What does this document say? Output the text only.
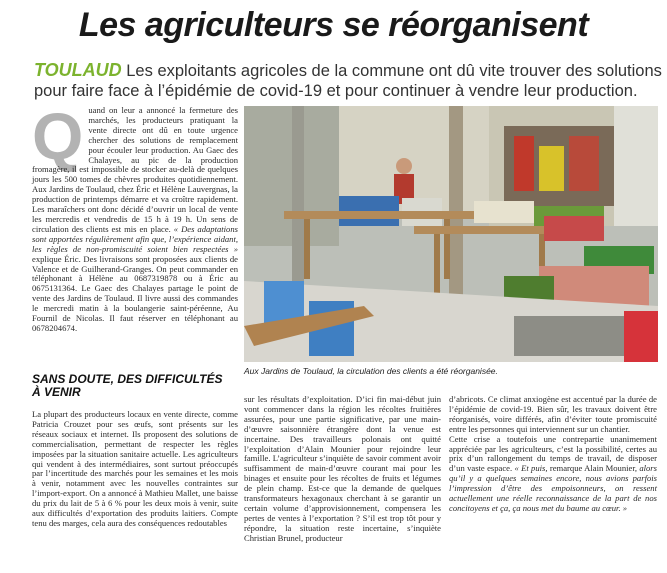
Les agriculteurs se réorganisent
TOULAUD Les exploitants agricoles de la commune ont dû vite trouver des solutions pour faire face à l’épidémie de covid-19 et pour continuer à vendre leur production.
Q uand on leur a annoncé la fermeture des marchés, les producteurs pratiquant la vente directe ont dû en toute urgence chercher des solutions de remplacement pour écouler leur production. Au Gaec des Chalayes, au pic de la production fromagère, il est impossible de stocker au-delà de quelques jours les 500 tomes de chèvres produites quotidiennement. Aux Jardins de Toulaud, chez Éric et Hélène Lauvergnas, la production de printemps démarre et va croître rapidement. Les maraîchers ont donc décidé d’ouvrir un local de vente les mercredis et vendredis de 15 h à 19 h. Un sens de circulation des clients est mis en place. « Des adaptations sont apportées régulièrement afin que, l’expérience aidant, les règles de non-promiscuité soient bien respectées » explique Éric. Des livraisons sont proposées aux clients de Valence et de Guilherand-Granges. On peut commander en téléphonant à Hélène au 0687319878 ou à Éric au 0675131364. Le Gaec des Chalayes partage le point de vente des Jardins de Toulaud. Il livre aussi des commandes le mercredi matin à la boulangerie saint-péréenne, Au Fournil de Nicolas. Il faut réserver en téléphonant au 0678204674.

SANS DOUTE, DES DIFFICULTÉS À VENIR

La plupart des producteurs locaux en vente directe, comme Patricia Crouzet pour ses œufs, sont présents sur les réseaux sociaux et internet. Ils proposent des solutions de commercialisation, permettant de respecter les règles imposées par la situation sanitaire actuelle. Les agriculteurs qui vendent à des intermédiaires, sont surtout préoccupés par l’incertitude des marchés pour les semaines et les mois à venir, notamment avec les nouvelles contraintes sur l’import-export. On a annoncé à Mathieu Mallet, une baisse du prix du lait de 5 à 6 % pour les deux mois à venir, suite aux difficultés d’exportation des produits laitiers. Compte tenu des marges, cela aura des conséquences redoutables

Aux Jardins de Toulaud, la circulation des clients a été réorganisée.

sur les résultats d’exploitation. D’ici fin mai-début juin vont commencer dans la région les récoltes fruitières assurées, pour une partie significative, par une main-d’œuvre saisonnière étrangère dont la venue est incertaine. Des travailleurs polonais ont quitté l’exploitation d’Alain Mounier pour rejoindre leur famille. L’agriculteur s’inquiète de savoir comment avoir suffisamment de main-d’œuvre courant mai pour les binages et ensuite pour les récoltes de fruits et légumes de plein champ. Est-ce que la demande de quelques transformateurs hexagonaux cherchant à se garantir un certain volume d’approvisionnement, compensera les pertes de ventes à l’exportation ? S’il est trop tôt pour y répondre, la situation reste incertaine, s’inquiète Christian Brunel, producteur

d’abricots. Ce climat anxiogène est accentué par la durée de l’épidémie de covid-19. Bien sûr, les travaux doivent être réorganisés, voire différés, afin d’éviter toute promiscuité entre les personnes qui interviennent sur un chantier.

Cette crise a toutefois une contrepartie unanimement appréciée par les agriculteurs, c’est la possibilité, certes au prix d’un rallongement du temps de travail, de disposer d’un vaste espace. « Et puis, remarque Alain Mounier, alors qu’il y a quelques semaines encore, nous avions parfois l’impression d’être des empoisonneurs, on ressent actuellement une réelle reconnaissance de la part de nos concitoyens et ça, ça nous met du baume au cœur. »
